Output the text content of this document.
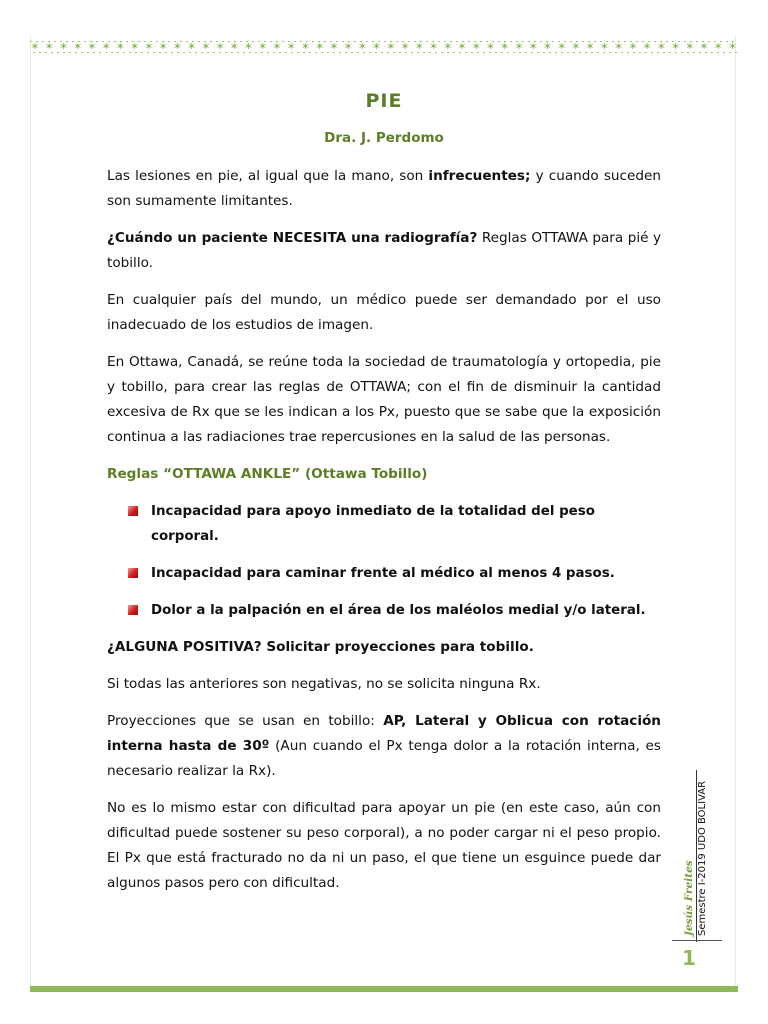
✶ ✶ ✶ ✶ ✶ ✶ ✶ ✶ ✶ ✶ ✶ ✶ ✶ ✶ ✶ ✶ ✶ ✶ ✶ ✶ ✶ ✶ ✶ ✶ ✶ ✶ ✶ ✶ ✶ ✶ ✶ ✶ ✶ ✶ ✶ ✶ ✶ ✶ ✶ ✶ ✶ ✶ ✶ ✶ ✶ ✶ ✶ ✶ ✶ ✶
PIE
Dra. J. Perdomo

Las lesiones en pie, al igual que la mano, son infrecuentes; y cuando suceden son sumamente limitantes.

¿Cuándo un paciente NECESITA una radiografía? Reglas OTTAWA para pié y tobillo.

En cualquier país del mundo, un médico puede ser demandado por el uso inadecuado de los estudios de imagen.

En Ottawa, Canadá, se reúne toda la sociedad de traumatología y ortopedia, pie y tobillo, para crear las reglas de OTTAWA; con el fin de disminuir la cantidad excesiva de Rx que se les indican a los Px, puesto que se sabe que la exposición continua a las radiaciones trae repercusiones en la salud de las personas.

Reglas “OTTAWA ANKLE” (Ottawa Tobillo)
Incapacidad para apoyo inmediato de la totalidad del peso corporal.
Incapacidad para caminar frente al médico al menos 4 pasos.
Dolor a la palpación en el área de los maléolos medial y/o lateral.

¿ALGUNA POSITIVA? Solicitar proyecciones para tobillo.

Si todas las anteriores son negativas, no se solicita ninguna Rx.

Proyecciones que se usan en tobillo: AP, Lateral y Oblicua con rotación interna hasta de 30º (Aun cuando el Px tenga dolor a la rotación interna, es necesario realizar la Rx).

No es lo mismo estar con dificultad para apoyar un pie (en este caso, aún con dificultad puede sostener su peso corporal), a no poder cargar ni el peso propio. El Px que está fracturado no da ni un paso, el que tiene un esguince puede dar algunos pasos pero con dificultad.	Jesús Freites Semestre I-2019 UDO BOLÍVAR
1
